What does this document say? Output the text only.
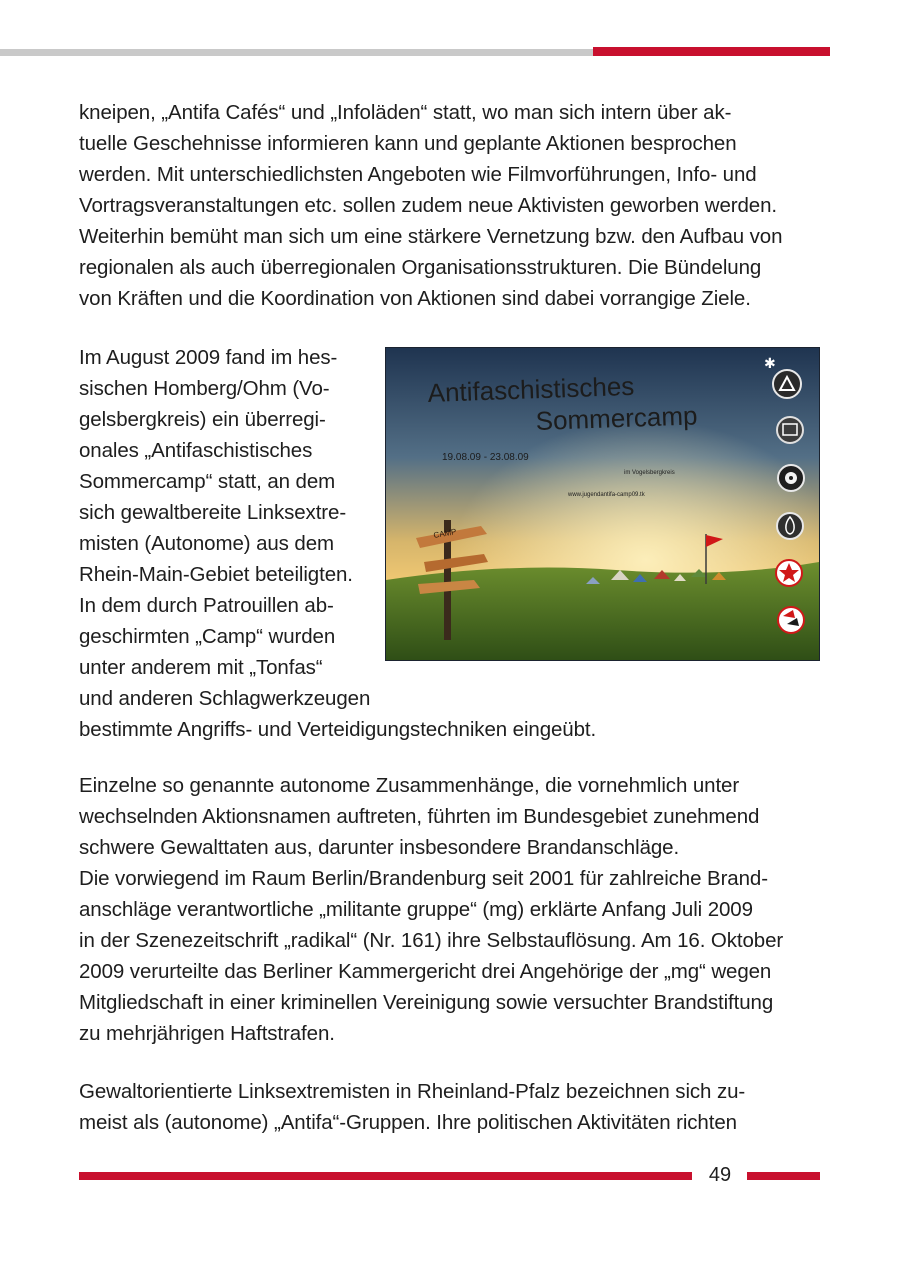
kneipen, „Antifa Cafés“ und „Infoläden“ statt, wo man sich intern über ak-
tuelle Geschehnisse informieren kann und geplante Aktionen besprochen
werden. Mit unterschiedlichsten Angeboten wie Filmvorführungen, Info- und
Vortragsveranstaltungen etc. sollen zudem neue Aktivisten geworben werden.
Weiterhin bemüht man sich um eine stärkere Vernetzung bzw. den Aufbau von
regionalen als auch überregionalen Organisationsstrukturen. Die Bündelung
von Kräften und die Koordination von Aktionen sind dabei vorrangige Ziele.

Im August 2009 fand im hes-
sischen Homberg/Ohm (Vo-
gelsbergkreis) ein überregi-
onales „Antifaschistisches
Sommercamp“ statt, an dem
sich gewaltbereite Linksextre-
misten (Autonome) aus dem
Rhein-Main-Gebiet beteiligten.
In dem durch Patrouillen ab-
geschirmten „Camp“ wurden
unter anderem mit „Tonfas“
und anderen Schlagwerkzeugen
bestimmte Angriffs- und Verteidigungstechniken eingeübt.

CAMP
Antifaschistisches
Sommercamp
19.08.09 - 23.08.09
im Vogelsbergkreis
www.jugendantifa-camp09.tk
✱

Einzelne so genannte autonome Zusammenhänge, die vornehmlich unter
wechselnden Aktionsnamen auftreten, führten im Bundesgebiet zunehmend
schwere Gewalttaten aus, darunter insbesondere Brandanschläge.
Die vorwiegend im Raum Berlin/Brandenburg seit 2001 für zahlreiche Brand-
anschläge verantwortliche „militante gruppe“ (mg) erklärte Anfang Juli 2009
in der Szenezeitschrift „radikal“ (Nr. 161) ihre Selbstauflösung. Am 16. Oktober
2009 verurteilte das Berliner Kammergericht drei Angehörige der „mg“ wegen
Mitgliedschaft in einer kriminellen Vereinigung sowie versuchter Brandstiftung
zu mehrjährigen Haftstrafen.

Gewaltorientierte Linksextremisten in Rheinland-Pfalz bezeichnen sich zu-
meist als (autonome) „Antifa“-Gruppen. Ihre politischen Aktivitäten richten

49
